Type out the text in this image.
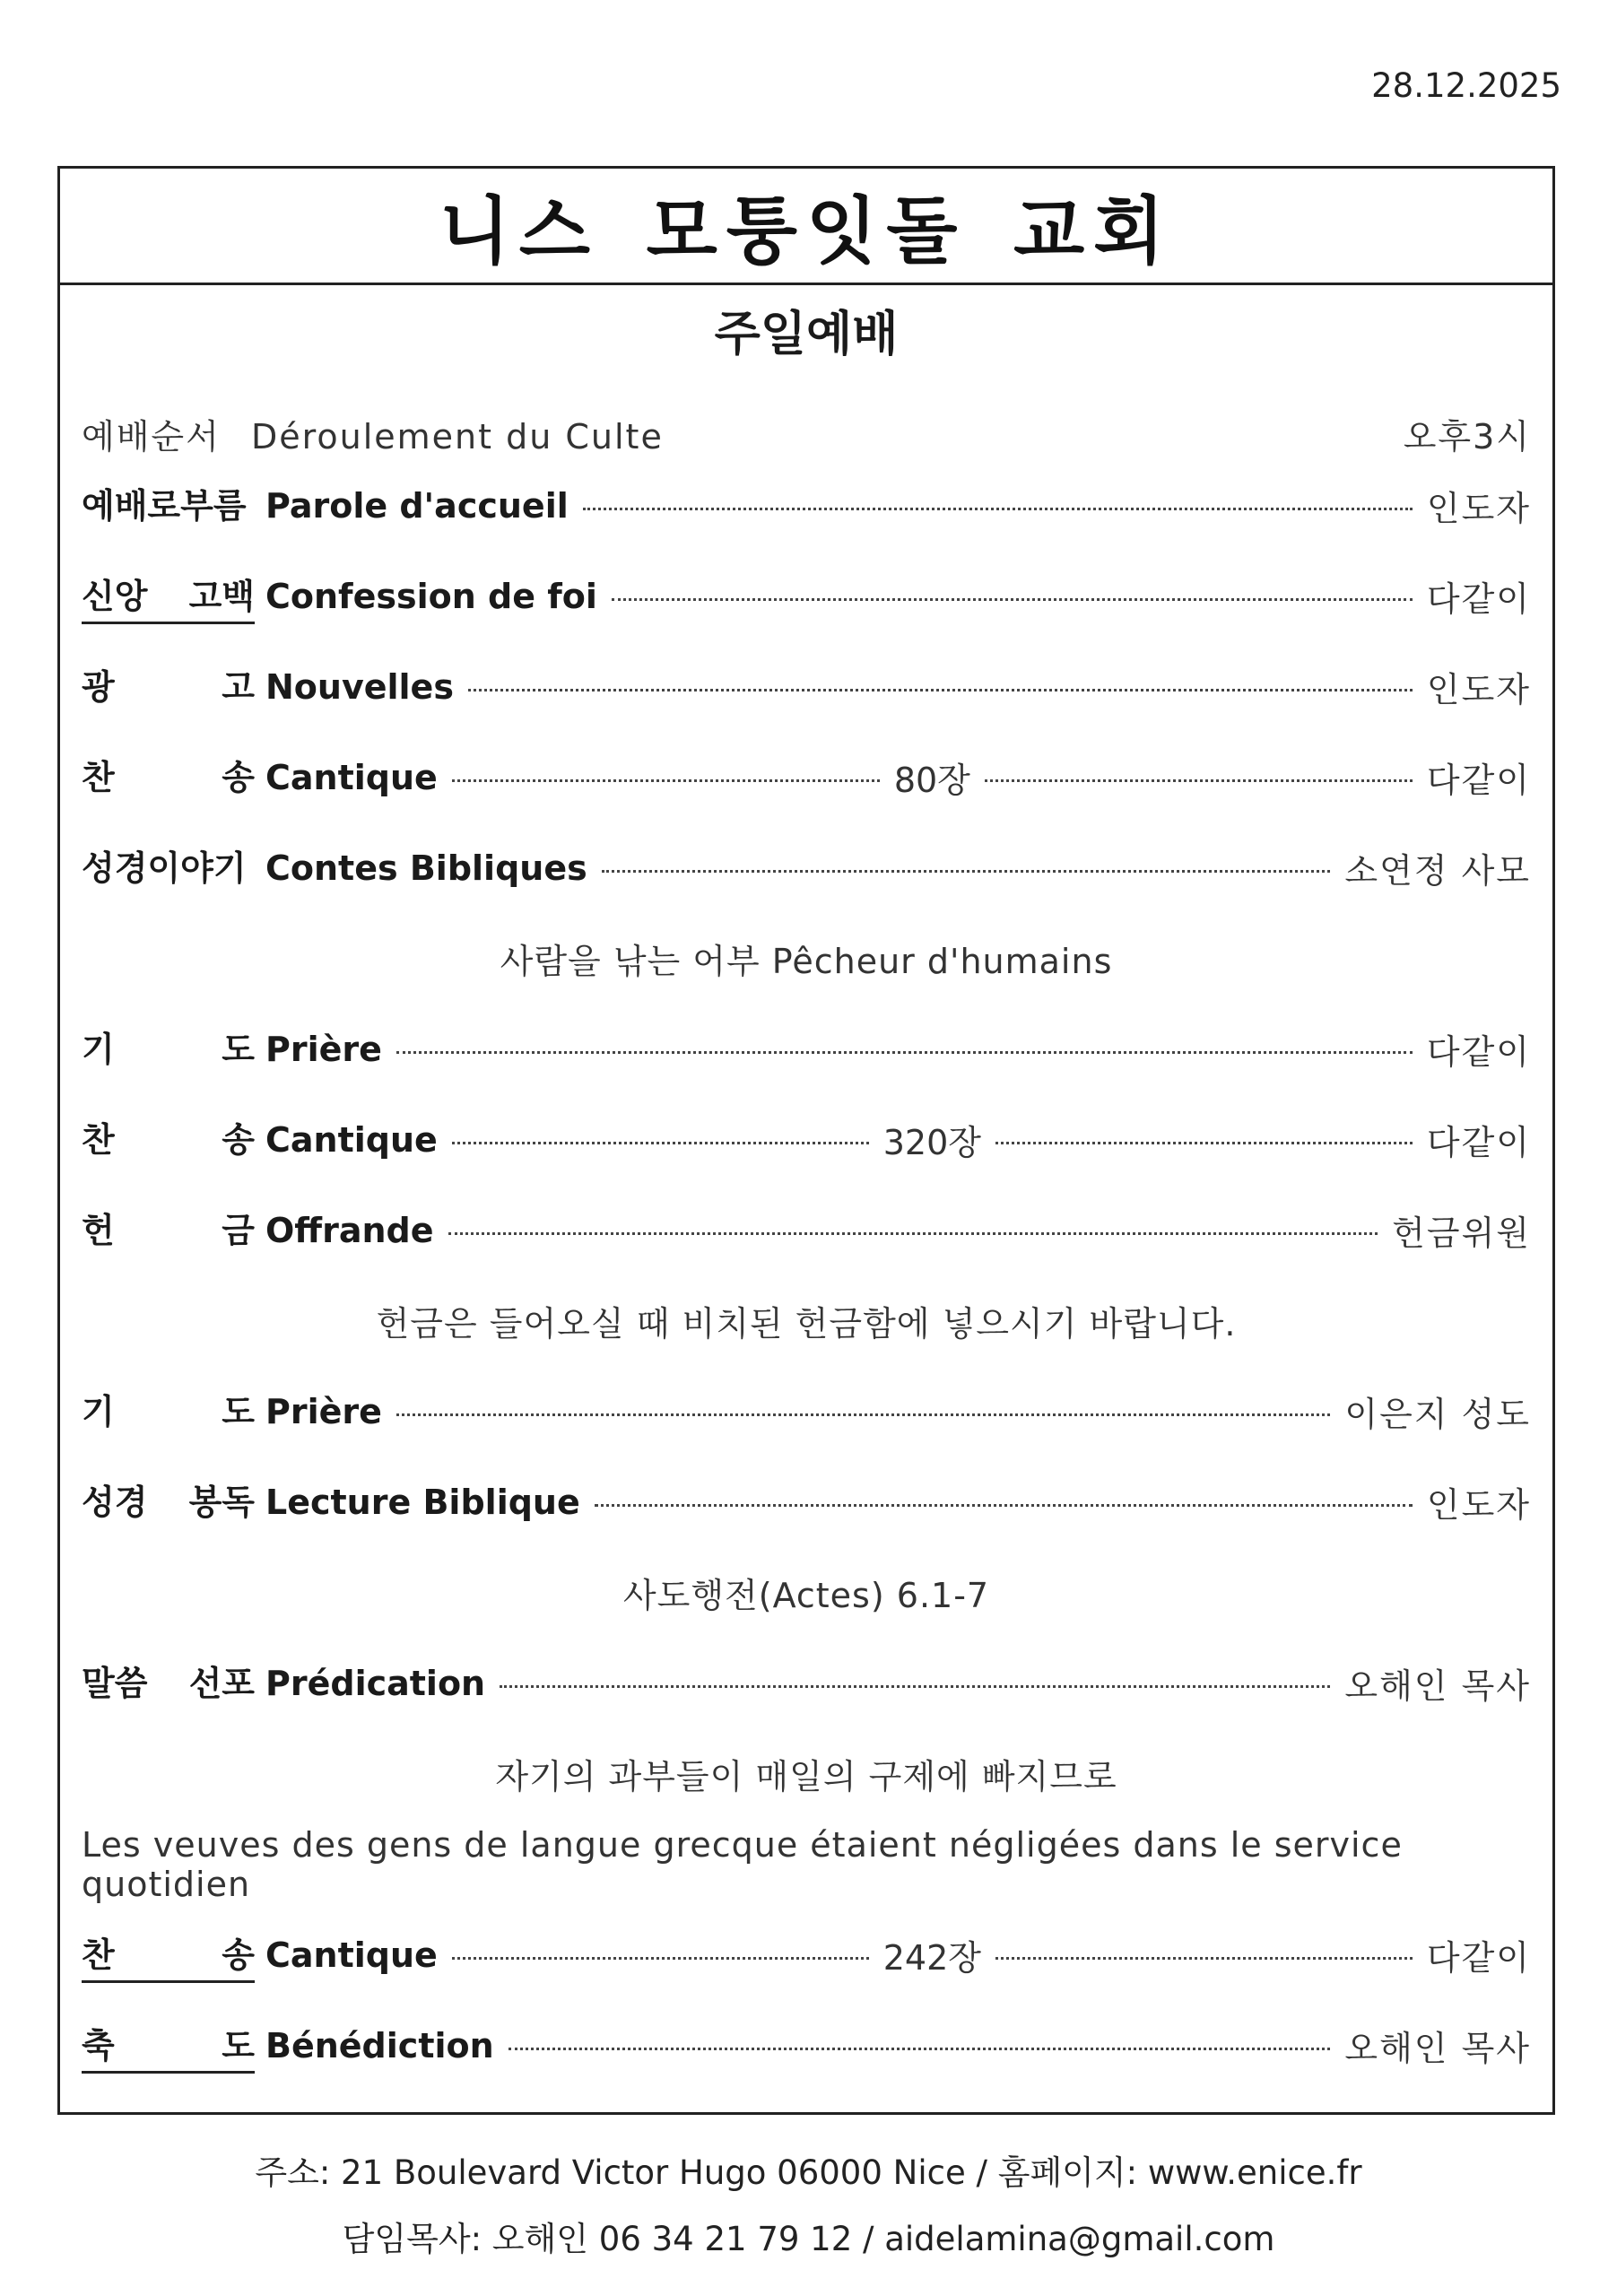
28.12.2025
니스 모퉁잇돌 교회
주일예배
예배순서 Déroulement du Culte	오후3시
예배로부름 Parole d'accueil	인도자
신앙 고백 Confession de foi	다같이
광	고 Nouvelles	인도자
찬	송 Cantique	80장	다같이
성경이야기 Contes Bibliques	소연정 사모
사람을 낚는 어부 Pêcheur d'humains
기	도 Prière	다같이
찬	송 Cantique	320장	다같이
헌	금 Offrande	헌금위원
헌금은 들어오실 때 비치된 헌금함에 넣으시기 바랍니다.
기	도 Prière	이은지 성도
성경 봉독 Lecture Biblique	인도자
사도행전(Actes) 6.1-7
말씀 선포 Prédication	오해인 목사
자기의 과부들이 매일의 구제에 빠지므로
Les veuves des gens de langue grecque étaient négligées dans le service quotidien
찬	송 Cantique	242장	다같이
축	도 Bénédiction	오해인 목사
주소: 21 Boulevard Victor Hugo 06000 Nice / 홈페이지: www.enice.fr
담임목사: 오해인 06 34 21 79 12 / aidelamina@gmail.com
